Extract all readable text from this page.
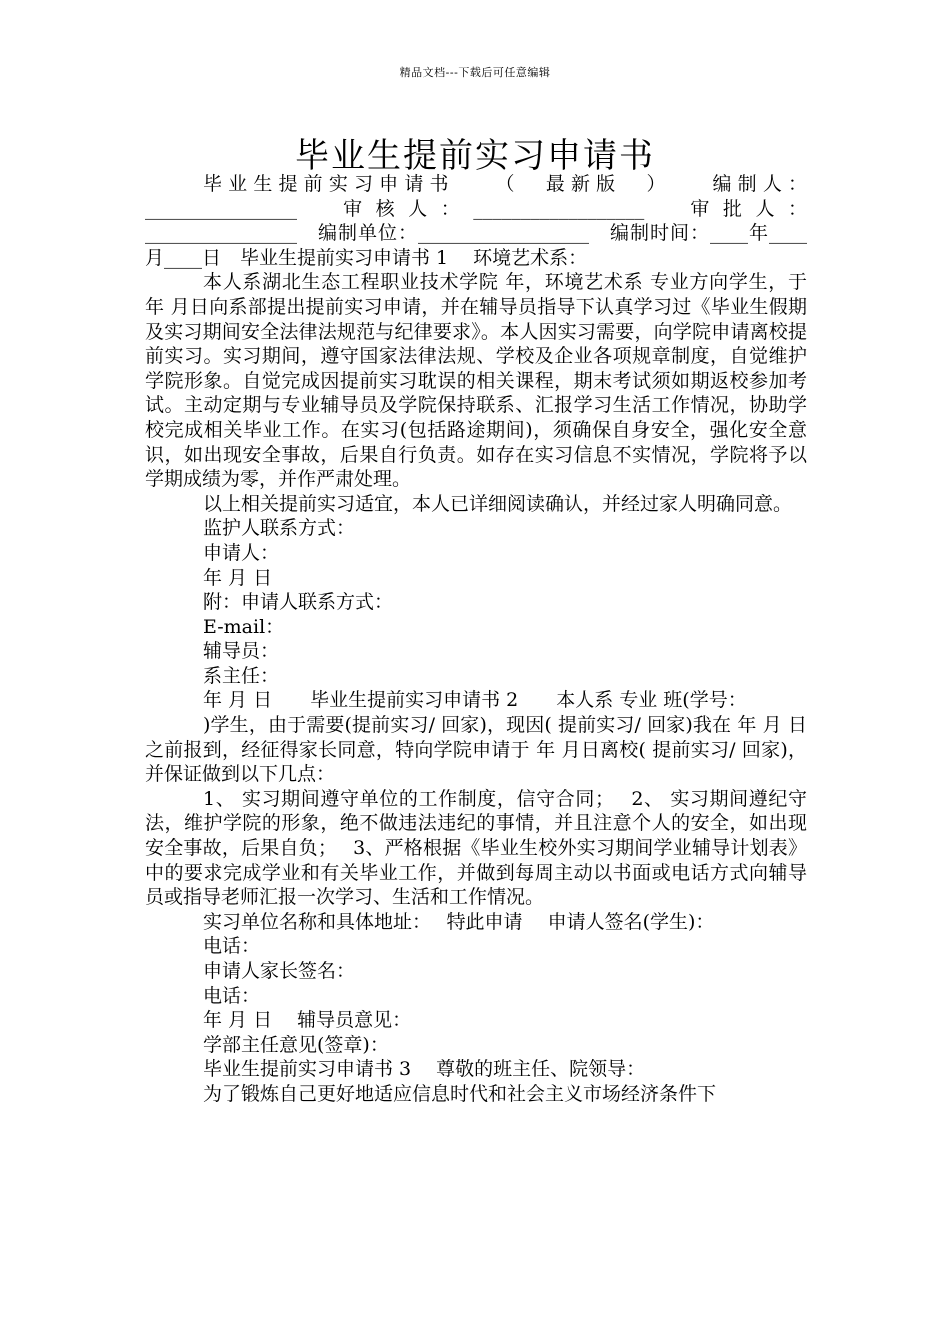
精品文档---下载后可任意编辑
毕业生提前实习申请书

毕业生提前实习申请书　　（　最新版　）　　编制人：________________　审核人：__________________　审批人：________________　编制单位：__________________　编制时间：____年____月____日　毕业生提前实习申请书 1　 环境艺术系：

本人系湖北生态工程职业技术学院 年，环境艺术系 专业方向学生，于 年 月日向系部提出提前实习申请，并在辅导员指导下认真学习过《毕业生假期及实习期间安全法律法规范与纪律要求》。本人因实习需要，向学院申请离校提前实习。实习期间，遵守国家法律法规、学校及企业各项规章制度，自觉维护学院形象。自觉完成因提前实习耽误的相关课程，期末考试须如期返校参加考试。主动定期与专业辅导员及学院保持联系、汇报学习生活工作情况，协助学校完成相关毕业工作。在实习(包括路途期间)，须确保自身安全，强化安全意识，如出现安全事故，后果自行负责。如存在实习信息不实情况，学院将予以学期成绩为零，并作严肃处理。

以上相关提前实习适宜，本人已详细阅读确认，并经过家人明确同意。

监护人联系方式：

申请人：

年 月 日

附：申请人联系方式：

E-mail：

辅导员：

系主任：

年 月 日　　毕业生提前实习申请书 2　　本人系 专业 班(学号：

)学生，由于需要(提前实习/ 回家)，现因( 提前实习/ 回家)我在 年 月 日之前报到，经征得家长同意，特向学院申请于 年 月日离校( 提前实习/ 回家)，并保证做到以下几点：

1、 实习期间遵守单位的工作制度，信守合同；　 2、 实习期间遵纪守法，维护学院的形象，绝不做违法违纪的事情，并且注意个人的安全，如出现安全事故，后果自负；　 3、严格根据《毕业生校外实习期间学业辅导计划表》中的要求完成学业和有关毕业工作，并做到每周主动以书面或电话方式向辅导员或指导老师汇报一次学习、生活和工作情况。

实习单位名称和具体地址：　 特此申请　 申请人签名(学生)：

电话：

申请人家长签名：

电话：

年 月 日　 辅导员意见：

学部主任意见(签章)：

毕业生提前实习申请书 3　 尊敬的班主任、院领导：

为了锻炼自己更好地适应信息时代和社会主义市场经济条件下
